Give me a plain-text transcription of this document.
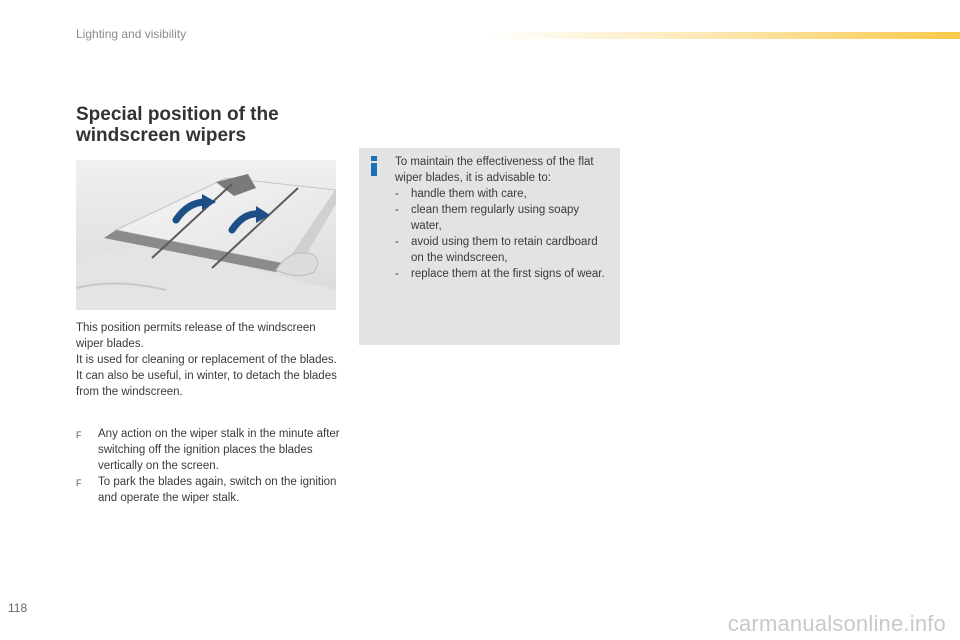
Lighting and visibility
Special position of the
windscreen wipers

This position permits release of the windscreen wiper blades.

It is used for cleaning or replacement of the blades. It can also be useful, in winter, to detach the blades from the windscreen.

F	Any action on the wiper stalk in the minute after switching off the ignition places the blades vertically on the screen.
F	To park the blades again, switch on the ignition and operate the wiper stalk.

To maintain the effectiveness of the flat wiper blades, it is advisable to:

-	handle them with care,
-	clean them regularly using soapy water,
-	avoid using them to retain cardboard on the windscreen,
-	replace them at the first signs of wear.
118
carmanualsonline.info
